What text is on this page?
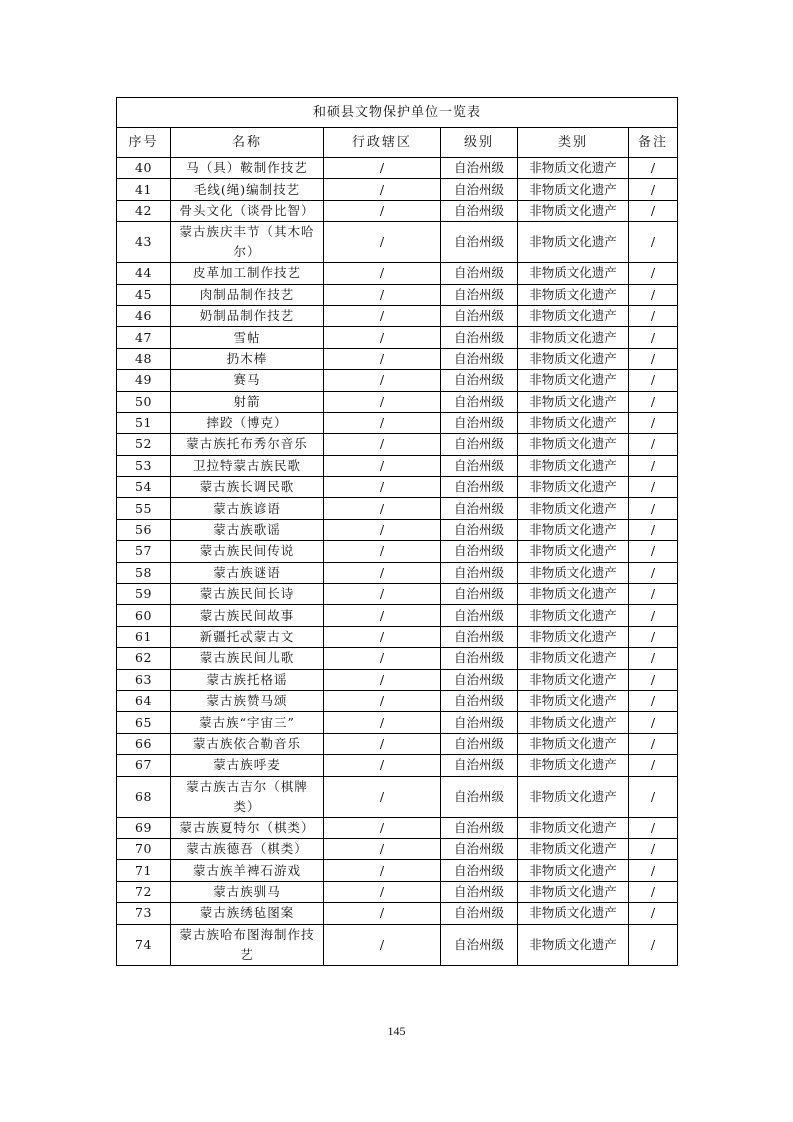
和硕县文物保护单位一览表					
序号	名称	行政辖区	级别	类别	备注
40	马（具）鞍制作技艺	/	自治州级	非物质文化遗产	/
41	毛线(绳)编制技艺	/	自治州级	非物质文化遗产	/
42	骨头文化（谈骨比智）	/	自治州级	非物质文化遗产	/
43	蒙古族庆丰节（其木哈尔）	/	自治州级	非物质文化遗产	/
44	皮革加工制作技艺	/	自治州级	非物质文化遗产	/
45	肉制品制作技艺	/	自治州级	非物质文化遗产	/
46	奶制品制作技艺	/	自治州级	非物质文化遗产	/
47	雪帖	/	自治州级	非物质文化遗产	/
48	扔木棒	/	自治州级	非物质文化遗产	/
49	赛马	/	自治州级	非物质文化遗产	/
50	射箭	/	自治州级	非物质文化遗产	/
51	摔跤（博克）	/	自治州级	非物质文化遗产	/
52	蒙古族托布秀尔音乐	/	自治州级	非物质文化遗产	/
53	卫拉特蒙古族民歌	/	自治州级	非物质文化遗产	/
54	蒙古族长调民歌	/	自治州级	非物质文化遗产	/
55	蒙古族谚语	/	自治州级	非物质文化遗产	/
56	蒙古族歌谣	/	自治州级	非物质文化遗产	/
57	蒙古族民间传说	/	自治州级	非物质文化遗产	/
58	蒙古族谜语	/	自治州级	非物质文化遗产	/
59	蒙古族民间长诗	/	自治州级	非物质文化遗产	/
60	蒙古族民间故事	/	自治州级	非物质文化遗产	/
61	新疆托忒蒙古文	/	自治州级	非物质文化遗产	/
62	蒙古族民间儿歌	/	自治州级	非物质文化遗产	/
63	蒙古族托格谣	/	自治州级	非物质文化遗产	/
64	蒙古族赞马颂	/	自治州级	非物质文化遗产	/
65	蒙古族“宇宙三”	/	自治州级	非物质文化遗产	/
66	蒙古族依合勒音乐	/	自治州级	非物质文化遗产	/
67	蒙古族呼麦	/	自治州级	非物质文化遗产	/
68	蒙古族古吉尔（棋牌类）	/	自治州级	非物质文化遗产	/
69	蒙古族夏特尔（棋类）	/	自治州级	非物质文化遗产	/
70	蒙古族德吾（棋类）	/	自治州级	非物质文化遗产	/
71	蒙古族羊裨石游戏	/	自治州级	非物质文化遗产	/
72	蒙古族驯马	/	自治州级	非物质文化遗产	/
73	蒙古族绣毡图案	/	自治州级	非物质文化遗产	/
74	蒙古族哈布图海制作技艺	/	自治州级	非物质文化遗产	/
145
